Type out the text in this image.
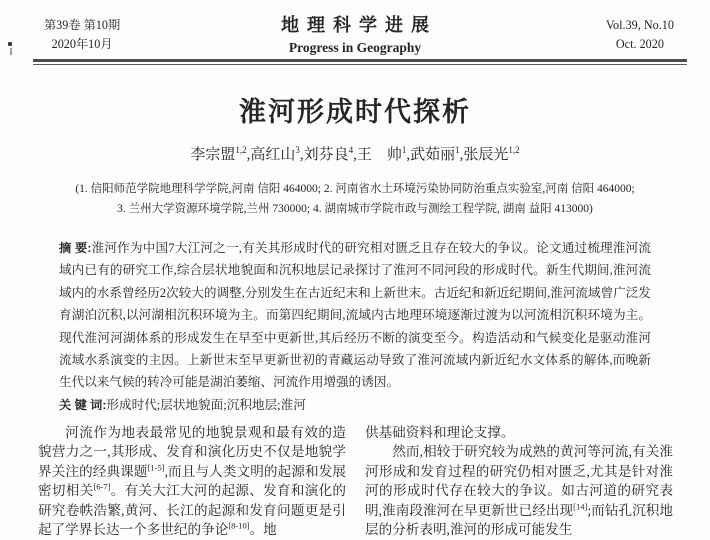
第39卷 第10期
2020年10月
地理科学进展
Progress in Geography
Vol.39, No.10
Oct. 2020
淮河形成时代探析
李宗盟$^{1,2}$,高红山$^3$,刘芬良$^4$,王　帅$^1$,武茹丽$^1$,张辰光$^{1,2}$
(1. 信阳师范学院地理科学学院,河南 信阳 464000; 2. 河南省水土环境污染协同防治重点实验室,河南 信阳 464000;
3. 兰州大学资源环境学院,兰州 730000; 4. 湖南城市学院市政与测绘工程学院, 湖南 益阳 413000)

摘 要:淮河作为中国7大江河之一,有关其形成时代的研究相对匮乏且存在较大的争议。论文通过梳理淮河流域内已有的研究工作,综合层状地貌面和沉积地层记录探讨了淮河不同河段的形成时代。新生代期间,淮河流域内的水系曾经历2次较大的调整,分别发生在古近纪末和上新世末。古近纪和新近纪期间,淮河流域曾广泛发育湖泊沉积,以河湖相沉积环境为主。而第四纪期间,流域内古地理环境逐渐过渡为以河流相沉积环境为主。现代淮河河湖体系的形成发生在早至中更新世,其后经历不断的演变至今。构造活动和气候变化是驱动淮河流域水系演变的主因。上新世末至早更新世初的青藏运动导致了淮河流域内新近纪水文体系的解体,而晚新生代以来气候的转冷可能是湖泊萎缩、河流作用增强的诱因。

关 键 词:形成时代;层状地貌面;沉积地层;淮河

河流作为地表最常见的地貌景观和最有效的造貌营力之一,其形成、发育和演化历史不仅是地貌学界关注的经典课题[1-5],而且与人类文明的起源和发展密切相关[6-7]。有关大江大河的起源、发育和演化的研究卷帙浩繁,黄河、长江的起源和发育问题更是引起了学界长达一个多世纪的争论[8-10]。地

供基础资料和理论支撑。

然而,相较于研究较为成熟的黄河等河流,有关淮河形成和发育过程的研究仍相对匮乏,尤其是针对淮河的形成时代存在较大的争议。如古河道的研究表明,淮南段淮河在早更新世已经出现[14];而钻孔沉积地层的分析表明,淮河的形成可能发生
